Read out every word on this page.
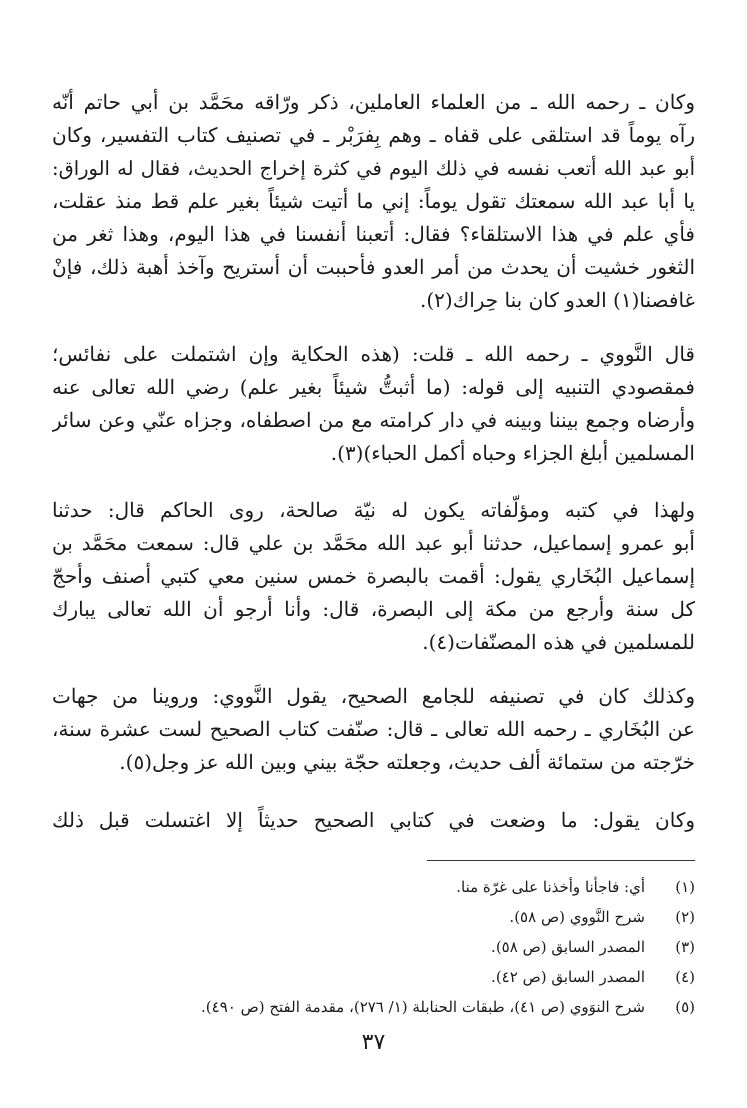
وكان ـ رحمه الله ـ من العلماء العاملين، ذكر ورّاقه محَمَّد بن أبي حاتم أنّه
رآه يوماً قد استلقى على قفاه ـ وهم بِفرَبْر ـ في تصنيف كتاب التفسير، وكان
أبو عبد الله أتعب نفسه في ذلك اليوم في كثرة إخراج الحديث، فقال له الوراق:
يا أبا عبد الله سمعتك تقول يوماً: إني ما أتيت شيئاً بغير علم قط منذ عقلت،
فأي علم في هذا الاستلقاء؟ فقال: أتعبنا أنفسنا في هذا اليوم، وهذا ثغر من
الثغور خشيت أن يحدث من أمر العدو فأحببت أن أستريح وآخذ أهبة ذلك، فإنْ
غافصنا(١) العدو كان بنا حِراك(٢).
قال النَّووي ـ رحمه الله ـ قلت: (هذه الحكاية وإن اشتملت على نفائس؛
فمقصودي التنبيه إلى قوله: (ما أثبتُّ شيئاً بغير علم) رضي الله تعالى عنه
وأرضاه وجمع بيننا وبينه في دار كرامته مع من اصطفاه، وجزاه عنّي وعن سائر
المسلمين أبلغ الجزاء وحباه أكمل الحباء)(٣).
ولهذا في كتبه ومؤلّفاته يكون له نيّة صالحة، روى الحاكم قال: حدثنا
أبو عمرو إسماعيل، حدثنا أبو عبد الله محَمَّد بن علي قال: سمعت محَمَّد بن
إسماعيل البُخَاري يقول: أقمت بالبصرة خمس سنين معي كتبي أصنف وأحجّ
كل سنة وأرجع من مكة إلى البصرة، قال: وأنا أرجو أن الله تعالى يبارك
للمسلمين في هذه المصنّفات(٤).
وكذلك كان في تصنيفه للجامع الصحيح، يقول النَّووي: وروينا من جهات
عن البُخَاري ـ رحمه الله تعالى ـ قال: صنّفت كتاب الصحيح لست عشرة سنة،
خرّجته من ستمائة ألف حديث، وجعلته حجّة بيني وبين الله عز وجل(٥).
وكان يقول: ما وضعت في كتابي الصحيح حديثاً إلا اغتسلت قبل ذلك
(١)أي: فاجأنا وأخذنا على غرّة منا.
(٢)شرح النَّووي (ص ٥٨).
(٣)المصدر السابق (ص ٥٨).
(٤)المصدر السابق (ص ٤٢).
(٥)شرح النوَوي (ص ٤١)، طبقات الحنابلة (١/ ٢٧٦)، مقدمة الفتح (ص ٤٩٠).
٣٧
